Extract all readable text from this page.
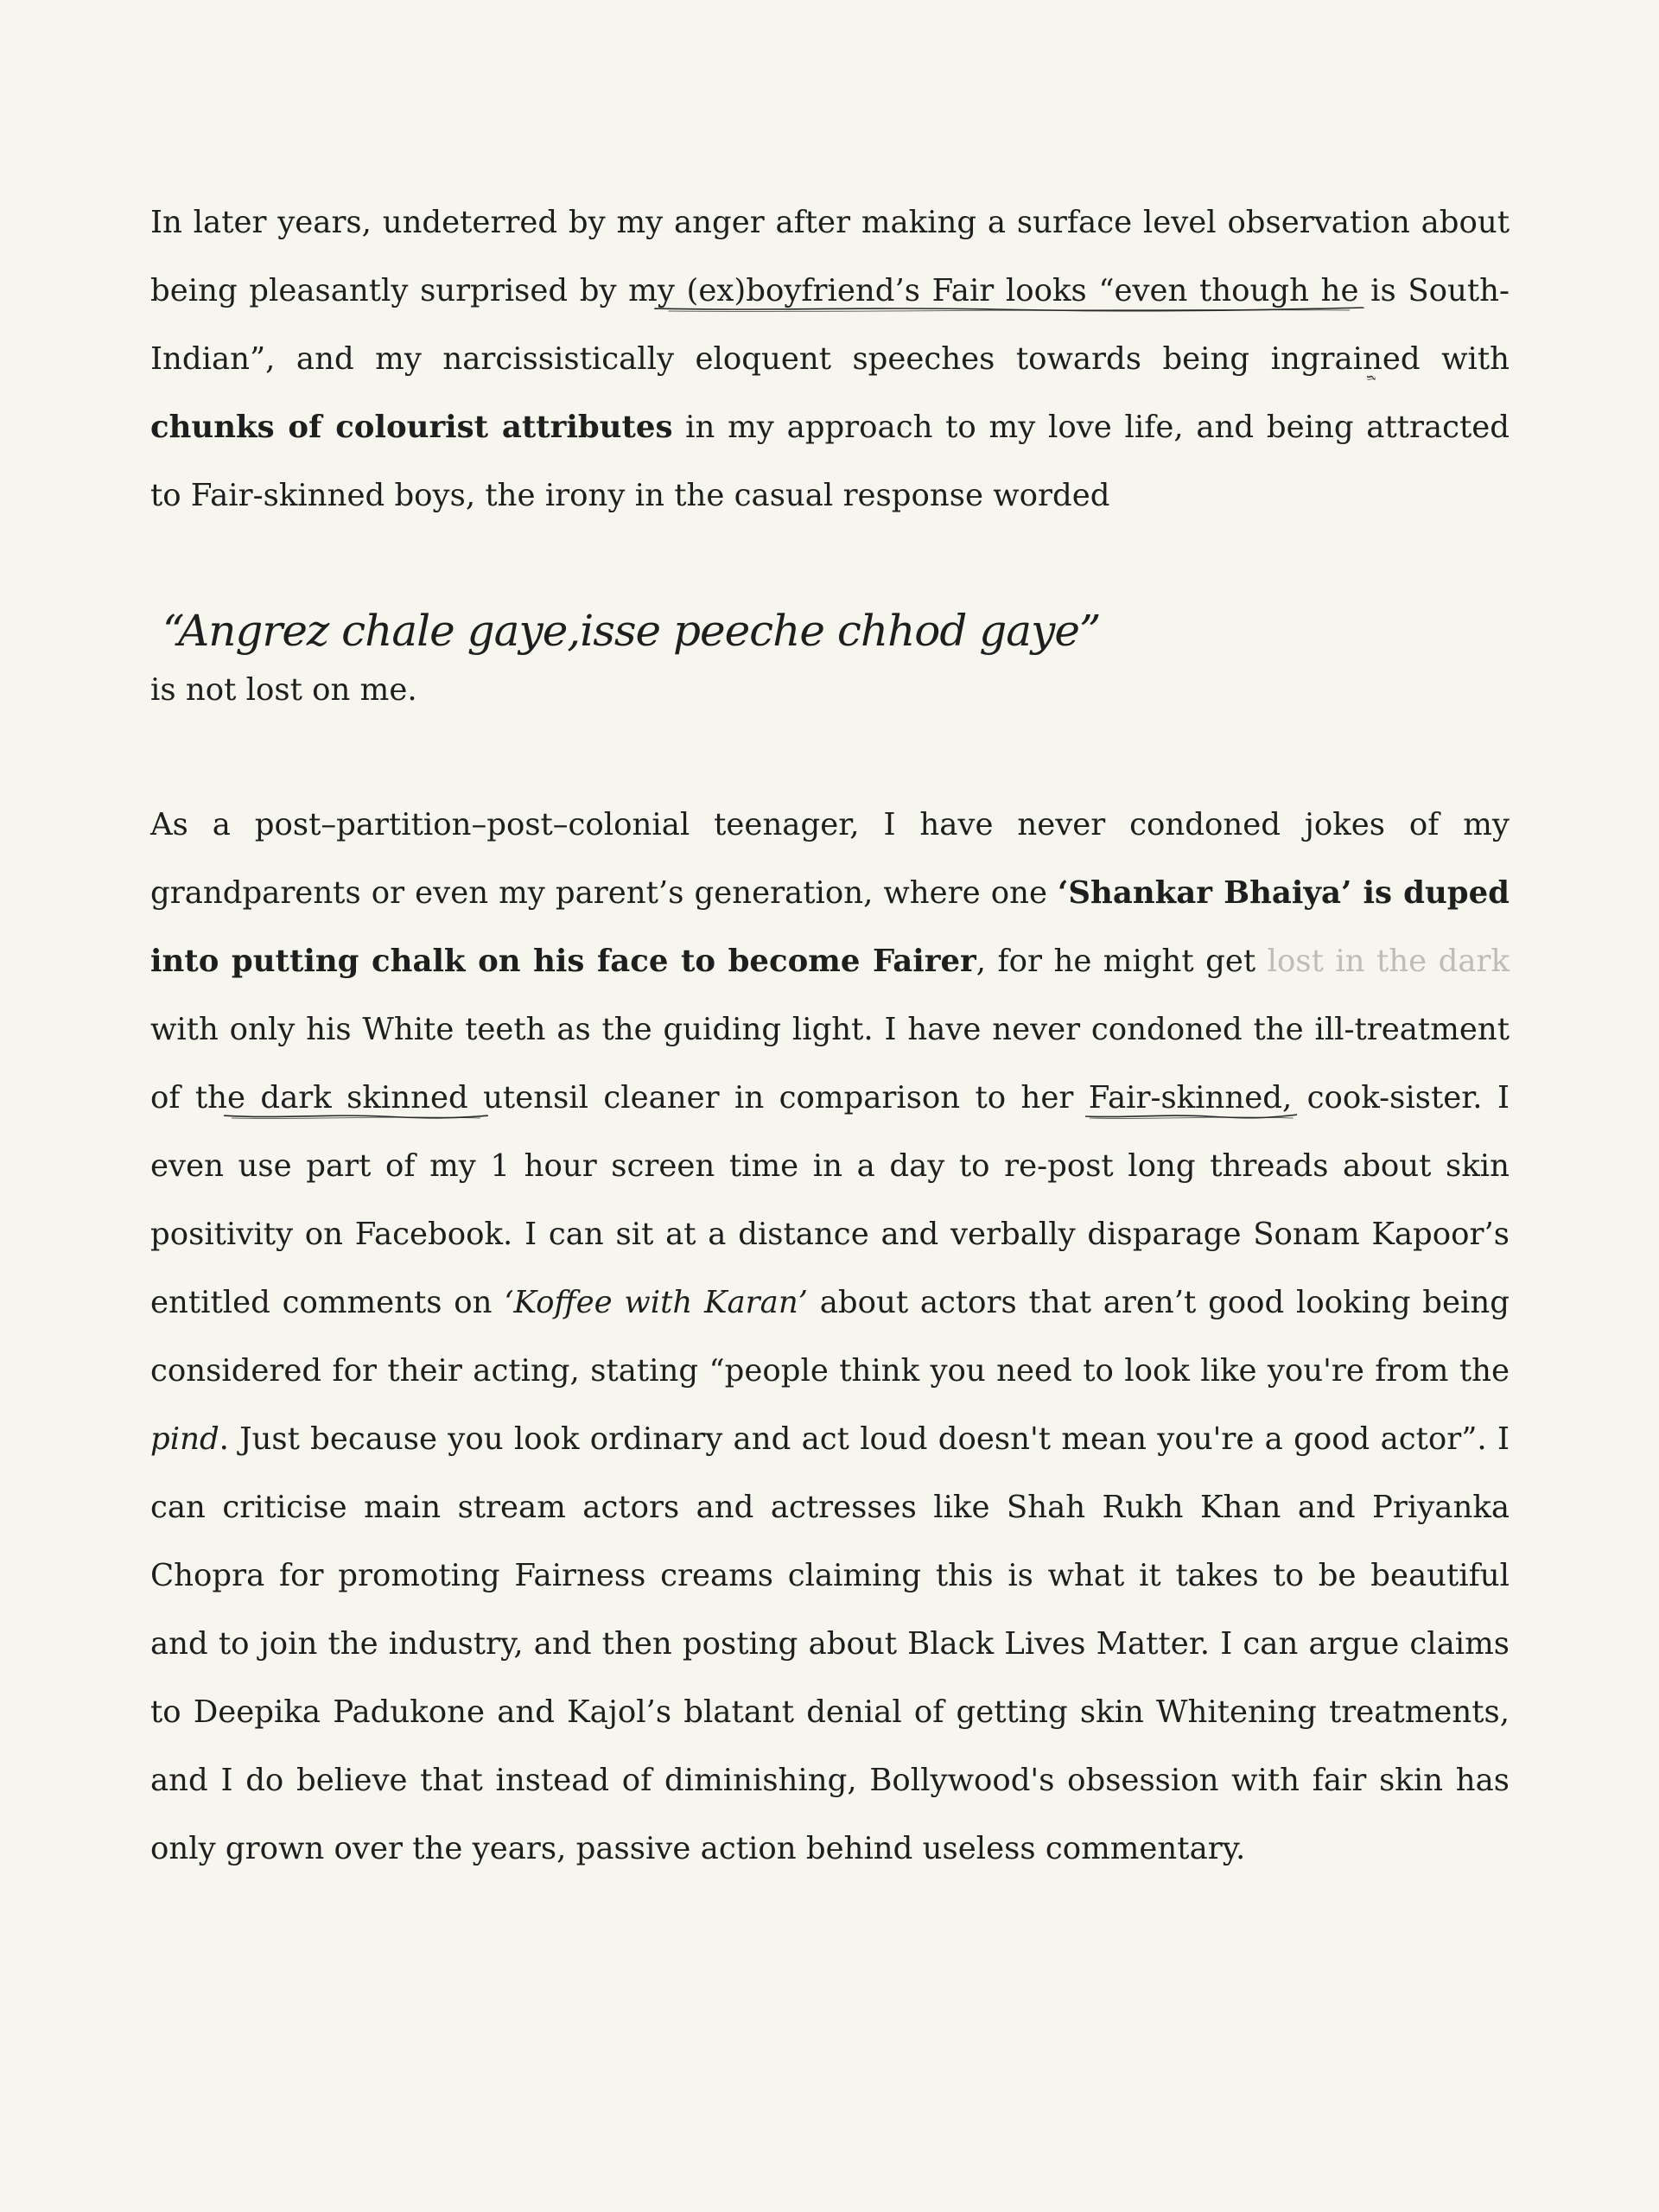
In later years, undeterred by my anger after making a surface level observation about being pleasantly surprised by my (ex)boyfriend’s Fair looks “even though he is South- Indian
”, and my narcissistically eloquent speeches towards being ingrained with chunks of colourist attributes in my approach to my love life, and being attracted to Fair-skinned boys, the irony in the casual response worded

“Angrez chale gaye,isse peeche chhod gaye”

is not lost on me.

As a post–partition–post–colonial teenager, I have never condoned jokes of my grandparents or even my parent’s generation, where one ‘Shankar Bhaiya’ is duped into putting chalk on his face to become Fairer, for he might get lost in the dark with only his White teeth as the guiding light. I have never condoned the ill-treatment of the dark skinned
utensil cleaner in comparison to her Fair-skinned,
cook-sister. I even use part of my 1 hour screen time in a day to re-post long threads about skin positivity on Facebook. I can sit at a distance and verbally disparage Sonam Kapoor’s entitled comments on ‘Koffee with Karan’ about actors that aren’t good looking being considered for their acting, stating “people think you need to look like you're from the pind. Just because you look ordinary and act loud doesn't mean you're a good actor”. I can criticise main stream actors and actresses like Shah Rukh Khan and Priyanka Chopra for promoting Fairness creams claiming this is what it takes to be beautiful and to join the industry, and then posting about Black Lives Matter. I can argue claims to Deepika Padukone and Kajol’s blatant denial of getting skin Whitening treatments, and I do believe that instead of diminishing, Bollywood's obsession with fair skin has only grown over the years, passive action behind useless commentary.
